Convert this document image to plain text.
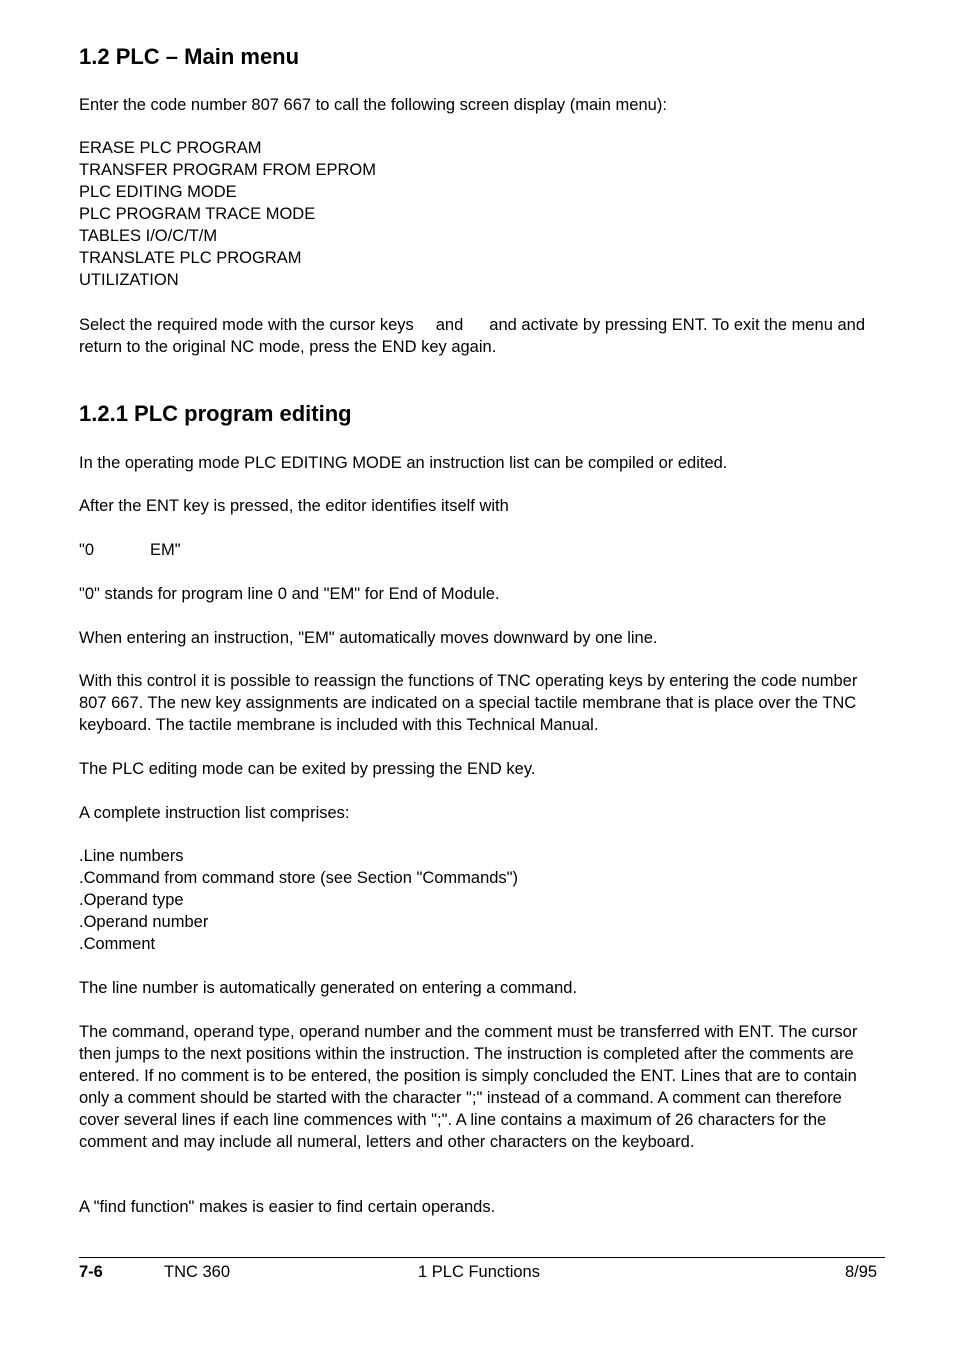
1.2 PLC – Main menu

Enter the code number 807 667 to call the following screen display (main menu):

ERASE PLC PROGRAM
TRANSFER PROGRAM FROM EPROM
PLC EDITING MODE
PLC PROGRAM TRACE MODE
TABLES I/O/C/T/M
TRANSLATE PLC PROGRAM
UTILIZATION

Select the required mode with the cursor keys and and activate by pressing ENT. To exit the menu and return to the original NC mode, press the END key again.

1.2.1 PLC program editing

In the operating mode PLC EDITING MODE an instruction list can be compiled or edited.

After the ENT key is pressed, the editor identifies itself with

"0	EM"

"0" stands for program line 0 and "EM" for End of Module.

When entering an instruction, "EM" automatically moves downward by one line.

With this control it is possible to reassign the functions of TNC operating keys by entering the code number 807 667. The new key assignments are indicated on a special tactile membrane that is place over the TNC keyboard. The tactile membrane is included with this Technical Manual.

The PLC editing mode can be exited by pressing the END key.

A complete instruction list comprises:

.Line numbers
.Command from command store (see Section "Commands")
.Operand type
.Operand number
.Comment

The line number is automatically generated on entering a command.

The command, operand type, operand number and the comment must be transferred with ENT. The cursor then jumps to the next positions within the instruction. The instruction is completed after the comments are entered. If no comment is to be entered, the position is simply concluded the ENT. Lines that are to contain only a comment should be started with the character ";" instead of a command. A comment can therefore cover several lines if each line commences with ";". A line contains a maximum of 26 characters for the comment and may include all numeral, letters and other characters on the keyboard.

A "find function" makes is easier to find certain operands.

7-6	TNC 360	1 PLC Functions	8/95
